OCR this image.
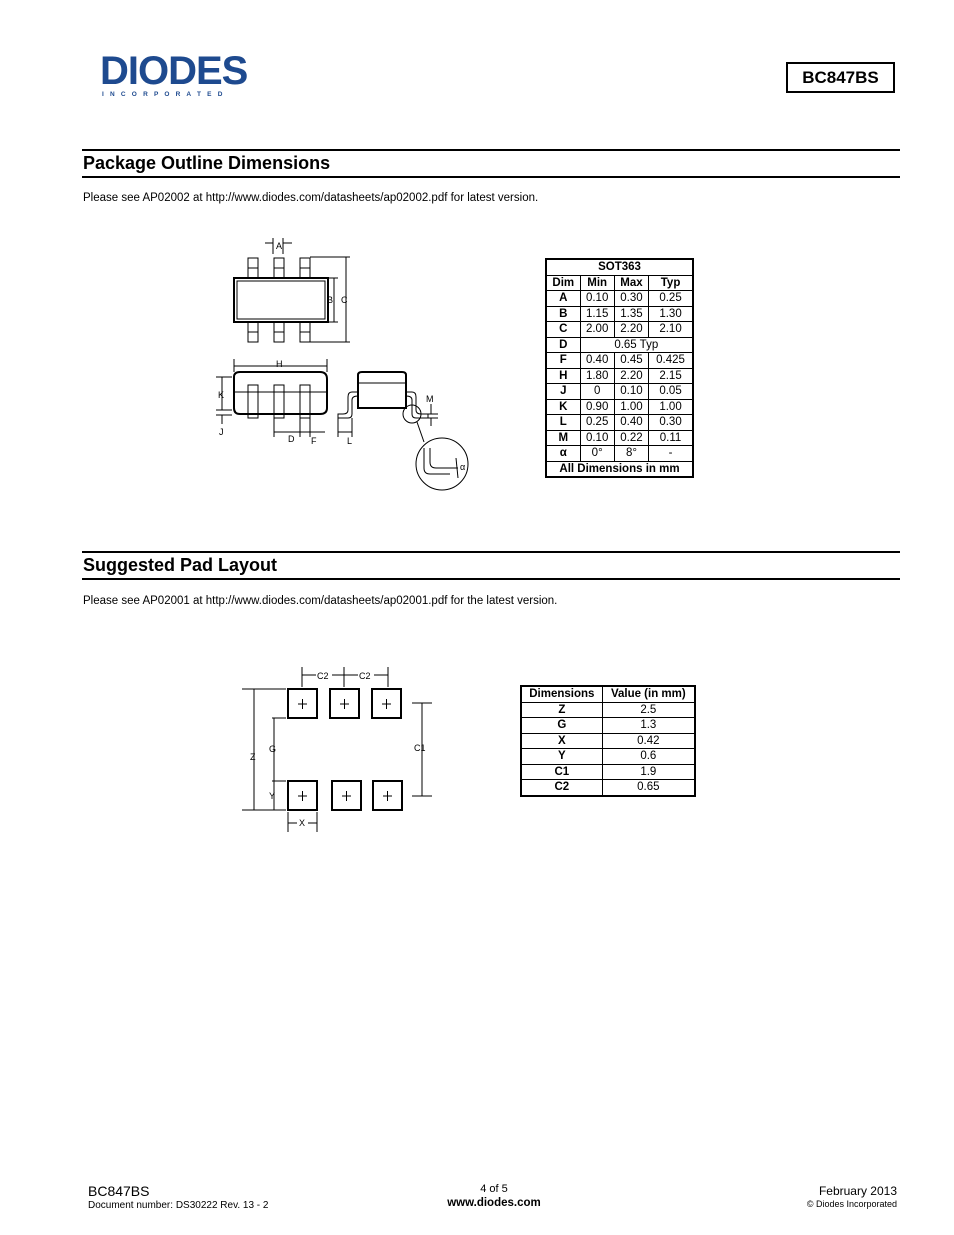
DIODES
I N C O R P O R A T E D
BC847BS
Package Outline Dimensions
Please see AP02002 at http://www.diodes.com/datasheets/ap02002.pdf for latest version.
A
B C
H
K
J
D F	L
M
α
SOT363			
Dim	Min	Max	Typ
A	0.10	0.30	0.25
B	1.15	1.35	1.30
C	2.00	2.20	2.10
D	0.65 Typ		
F	0.40	0.45	0.425
H	1.80	2.20	2.15
J	0	0.10	0.05
K	0.90	1.00	1.00
L	0.25	0.40	0.30
M	0.10	0.22	0.11
α	0°	8°	-
All Dimensions in mm			
Suggested Pad Layout
Please see AP02001 at http://www.diodes.com/datasheets/ap02001.pdf for the latest version.
C2	C2
Z
G
Y
X
C1
Dimensions	Value (in mm)
Z	2.5
G	1.3
X	0.42
Y	0.6
C1	1.9
C2	0.65
BC847BS
Document number: DS30222 Rev. 13 - 2
4 of 5
www.diodes.com
February 2013
© Diodes Incorporated
